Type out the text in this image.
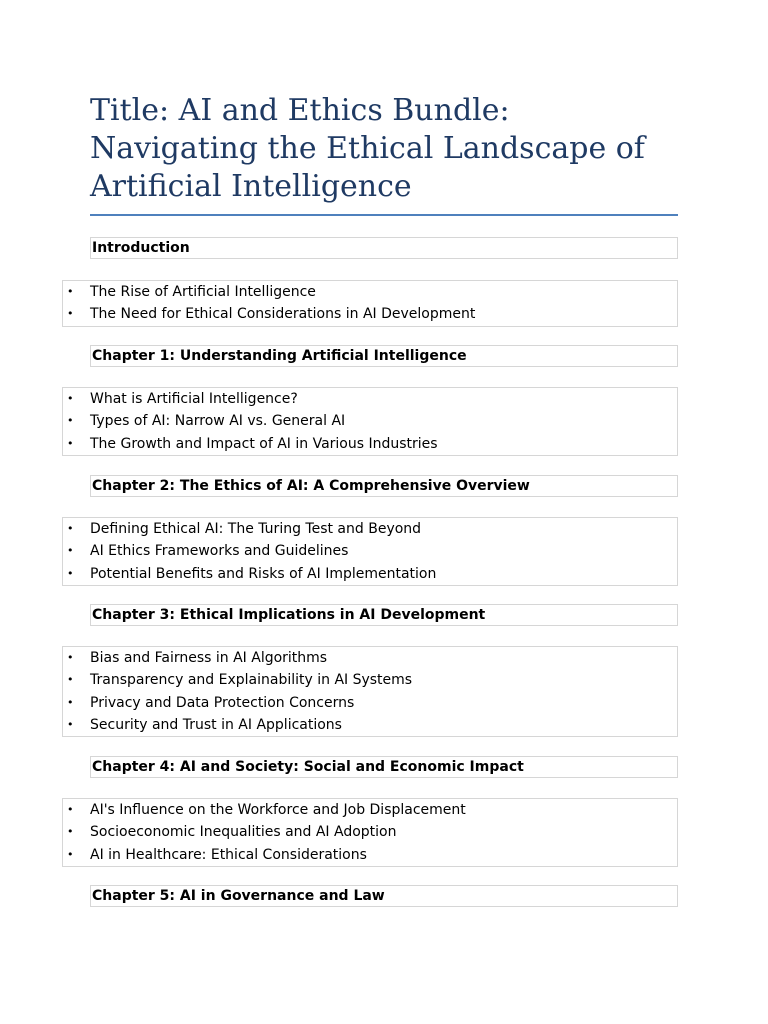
Title: AI and Ethics Bundle: Navigating the Ethical Landscape of Artificial Intelligence
Introduction
• The Rise of Artificial Intelligence
• The Need for Ethical Considerations in AI Development
Chapter 1: Understanding Artificial Intelligence
• What is Artificial Intelligence?
• Types of AI: Narrow AI vs. General AI
• The Growth and Impact of AI in Various Industries
Chapter 2: The Ethics of AI: A Comprehensive Overview
• Defining Ethical AI: The Turing Test and Beyond
• AI Ethics Frameworks and Guidelines
• Potential Benefits and Risks of AI Implementation
Chapter 3: Ethical Implications in AI Development
• Bias and Fairness in AI Algorithms
• Transparency and Explainability in AI Systems
• Privacy and Data Protection Concerns
• Security and Trust in AI Applications
Chapter 4: AI and Society: Social and Economic Impact
• AI's Influence on the Workforce and Job Displacement
• Socioeconomic Inequalities and AI Adoption
• AI in Healthcare: Ethical Considerations
Chapter 5: AI in Governance and Law
